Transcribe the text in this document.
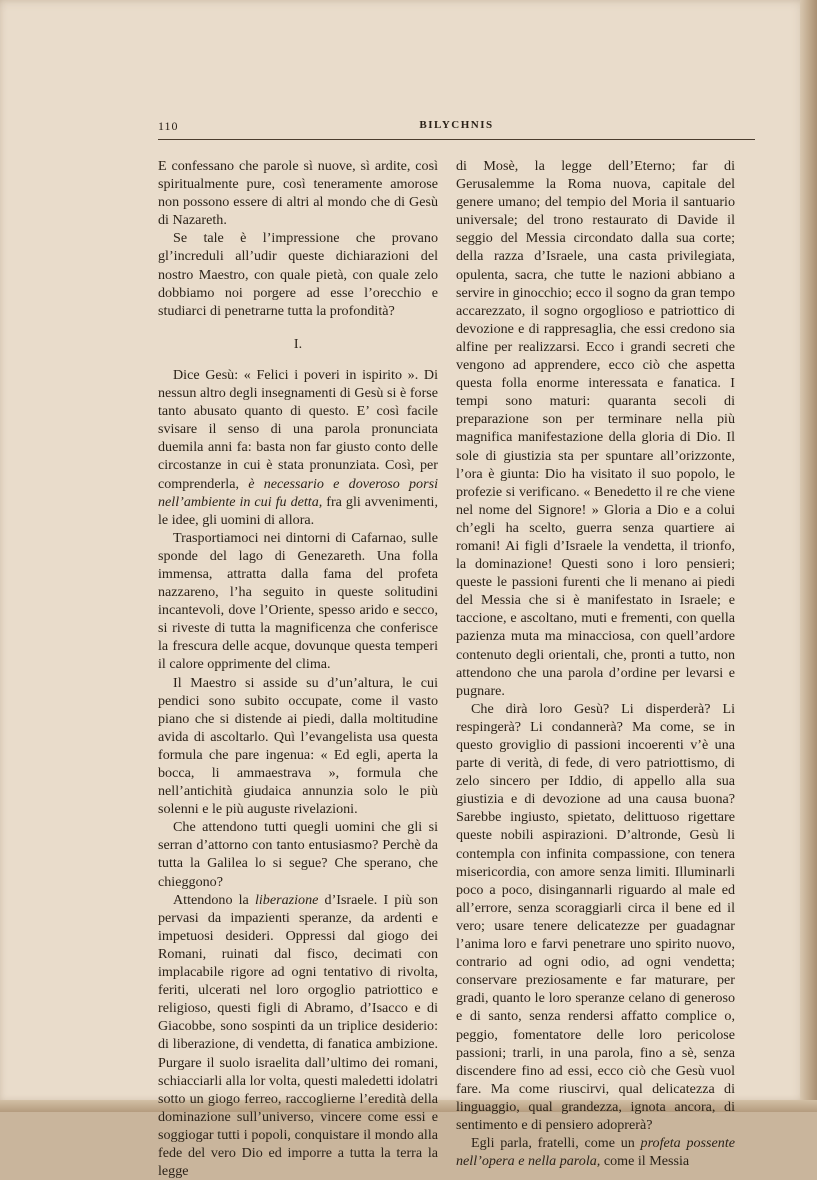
110	BILYCHNIS

E confessano che parole sì nuove, sì ardite, così spiritualmente pure, così teneramente amorose non possono essere di altri al mondo che di Gesù di Nazareth.

Se tale è l’impressione che provano gl’increduli all’udir queste dichiarazioni del nostro Maestro, con quale pietà, con quale zelo dobbiamo noi porgere ad esse l’orecchio e studiarci di penetrarne tutta la profondità?

I.

Dice Gesù: « Felici i poveri in ispirito ». Di nessun altro degli insegnamenti di Gesù si è forse tanto abusato quanto di questo. E’ così facile svisare il senso di una parola pronunciata duemila anni fa: basta non far giusto conto delle circostanze in cui è stata pronunziata. Così, per comprenderla, è necessario e doveroso porsi nell’ambiente in cui fu detta, fra gli avvenimenti, le idee, gli uomini di allora.

Trasportiamoci nei dintorni di Cafarnao, sulle sponde del lago di Genezareth. Una folla immensa, attratta dalla fama del profeta nazzareno, l’ha seguito in queste solitudini incantevoli, dove l’Oriente, spesso arido e secco, si riveste di tutta la magnificenza che conferisce la frescura delle acque, dovunque questa temperi il calore opprimente del clima.

Il Maestro si asside su d’un’altura, le cui pendici sono subito occupate, come il vasto piano che si distende ai piedi, dalla moltitudine avida di ascoltarlo. Quì l’evangelista usa questa formula che pare ingenua: « Ed egli, aperta la bocca, li ammaestrava », formula che nell’antichità giudaica annunzia solo le più solenni e le più auguste rivelazioni.

Che attendono tutti quegli uomini che gli si serran d’attorno con tanto entusiasmo? Perchè da tutta la Galilea lo si segue? Che sperano, che chieggono?

Attendono la liberazione d’Israele. I più son pervasi da impazienti speranze, da ardenti e impetuosi desideri. Oppressi dal giogo dei Romani, ruinati dal fisco, decimati con implacabile rigore ad ogni tentativo di rivolta, feriti, ulcerati nel loro orgoglio patriottico e religioso, questi figli di Abramo, d’Isacco e di Giacobbe, sono sospinti da un triplice desiderio: di liberazione, di vendetta, di fanatica ambizione. Purgare il suolo israelita dall’ultimo dei romani, schiacciarli alla lor volta, questi maledetti idolatri sotto un giogo ferreo, raccoglierne l’eredità della dominazione sull’universo, vincere come essi e soggiogar tutti i popoli, conquistare il mondo alla fede del vero Dio ed imporre a tutta la terra la legge

di Mosè, la legge dell’Eterno; far di Gerusalemme la Roma nuova, capitale del genere umano; del tempio del Moria il santuario universale; del trono restaurato di Davide il seggio del Messia circondato dalla sua corte; della razza d’Israele, una casta privilegiata, opulenta, sacra, che tutte le nazioni abbiano a servire in ginocchio; ecco il sogno da gran tempo accarezzato, il sogno orgoglioso e patriottico di devozione e di rappresaglia, che essi credono sia alfine per realizzarsi. Ecco i grandi secreti che vengono ad apprendere, ecco ciò che aspetta questa folla enorme interessata e fanatica. I tempi sono maturi: quaranta secoli di preparazione son per terminare nella più magnifica manifestazione della gloria di Dio. Il sole di giustizia sta per spuntare all’orizzonte, l’ora è giunta: Dio ha visitato il suo popolo, le profezie si verificano. « Benedetto il re che viene nel nome del Signore! » Gloria a Dio e a colui ch’egli ha scelto, guerra senza quartiere ai romani! Ai figli d’Israele la vendetta, il trionfo, la dominazione! Questi sono i loro pensieri; queste le passioni furenti che li menano ai piedi del Messia che si è manifestato in Israele; e taccione, e ascoltano, muti e frementi, con quella pazienza muta ma minacciosa, con quell’ardore contenuto degli orientali, che, pronti a tutto, non attendono che una parola d’ordine per levarsi e pugnare.

Che dirà loro Gesù? Li disperderà? Li respingerà? Li condannerà? Ma come, se in questo groviglio di passioni incoerenti v’è una parte di verità, di fede, di vero patriottismo, di zelo sincero per Iddio, di appello alla sua giustizia e di devozione ad una causa buona? Sarebbe ingiusto, spietato, delittuoso rigettare queste nobili aspirazioni. D’altronde, Gesù li contempla con infinita compassione, con tenera misericordia, con amore senza limiti. Illuminarli poco a poco, disingannarli riguardo al male ed all’errore, senza scoraggiarli circa il bene ed il vero; usare tenere delicatezze per guadagnar l’anima loro e farvi penetrare uno spirito nuovo, contrario ad ogni odio, ad ogni vendetta; conservare preziosamente e far maturare, per gradi, quanto le loro speranze celano di generoso e di santo, senza rendersi affatto complice o, peggio, fomentatore delle loro pericolose passioni; trarli, in una parola, fino a sè, senza discendere fino ad essi, ecco ciò che Gesù vuol fare. Ma come riuscirvi, qual delicatezza di linguaggio, qual grandezza, ignota ancora, di sentimento e di pensiero adoprerà?

Egli parla, fratelli, come un profeta possente nell’opera e nella parola, come il Messia
